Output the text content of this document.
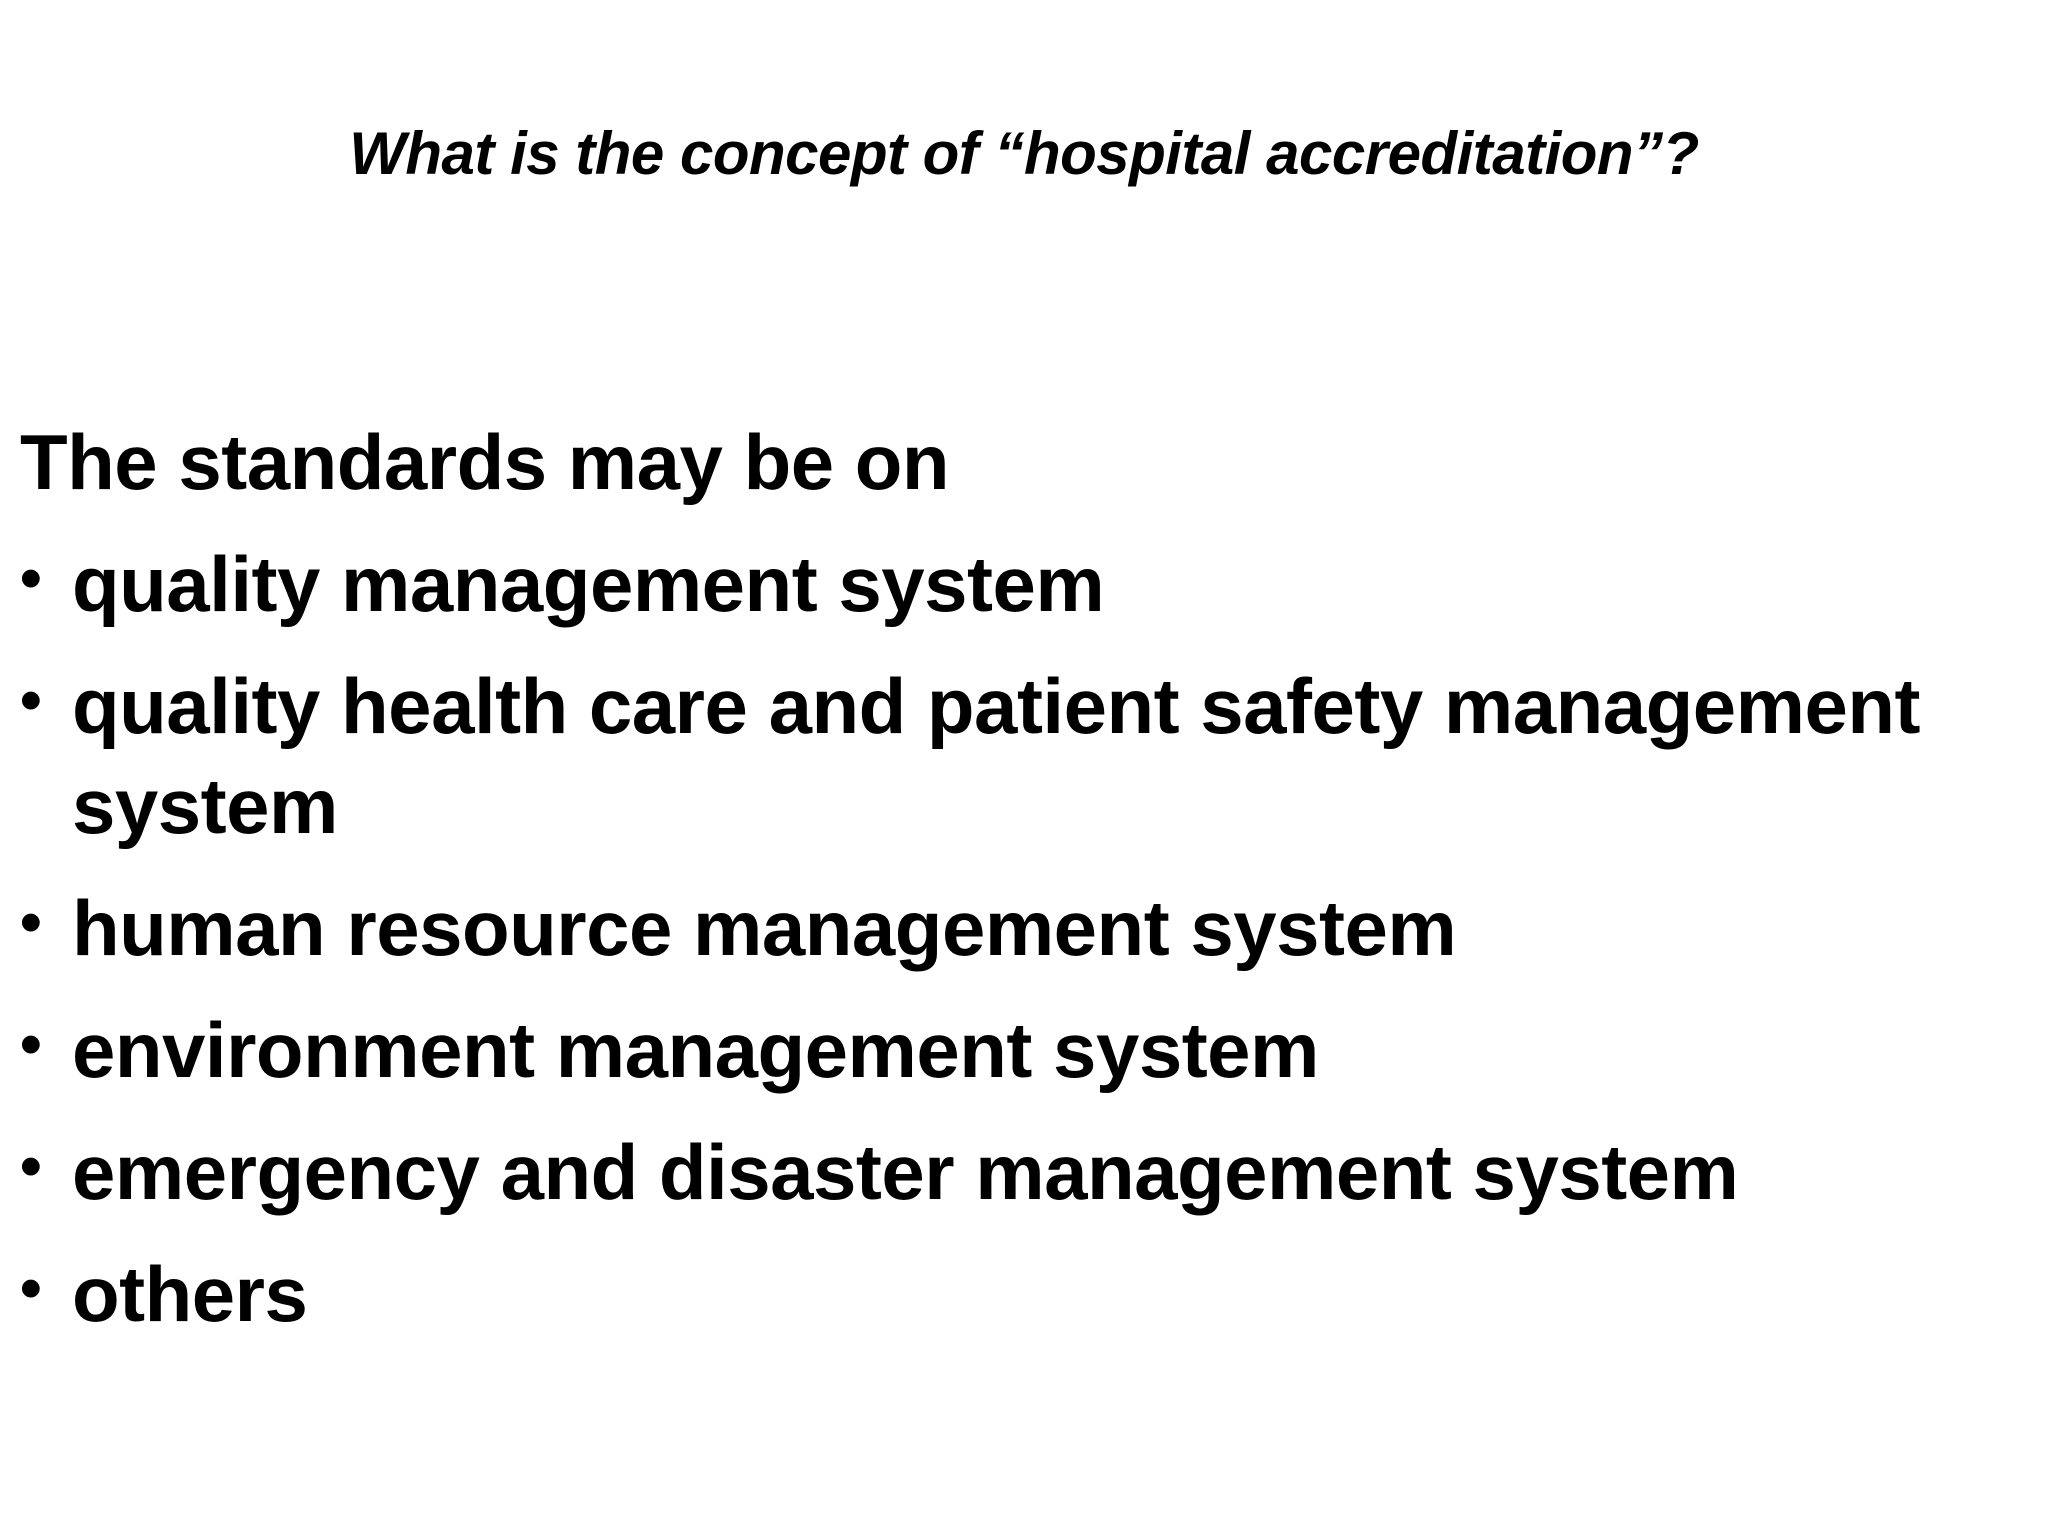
What is the concept of “hospital accreditation”?
The standards may be on
• quality management system
• quality health care and patient safety management system
• human resource management system
• environment management system
• emergency and disaster management system
• others
